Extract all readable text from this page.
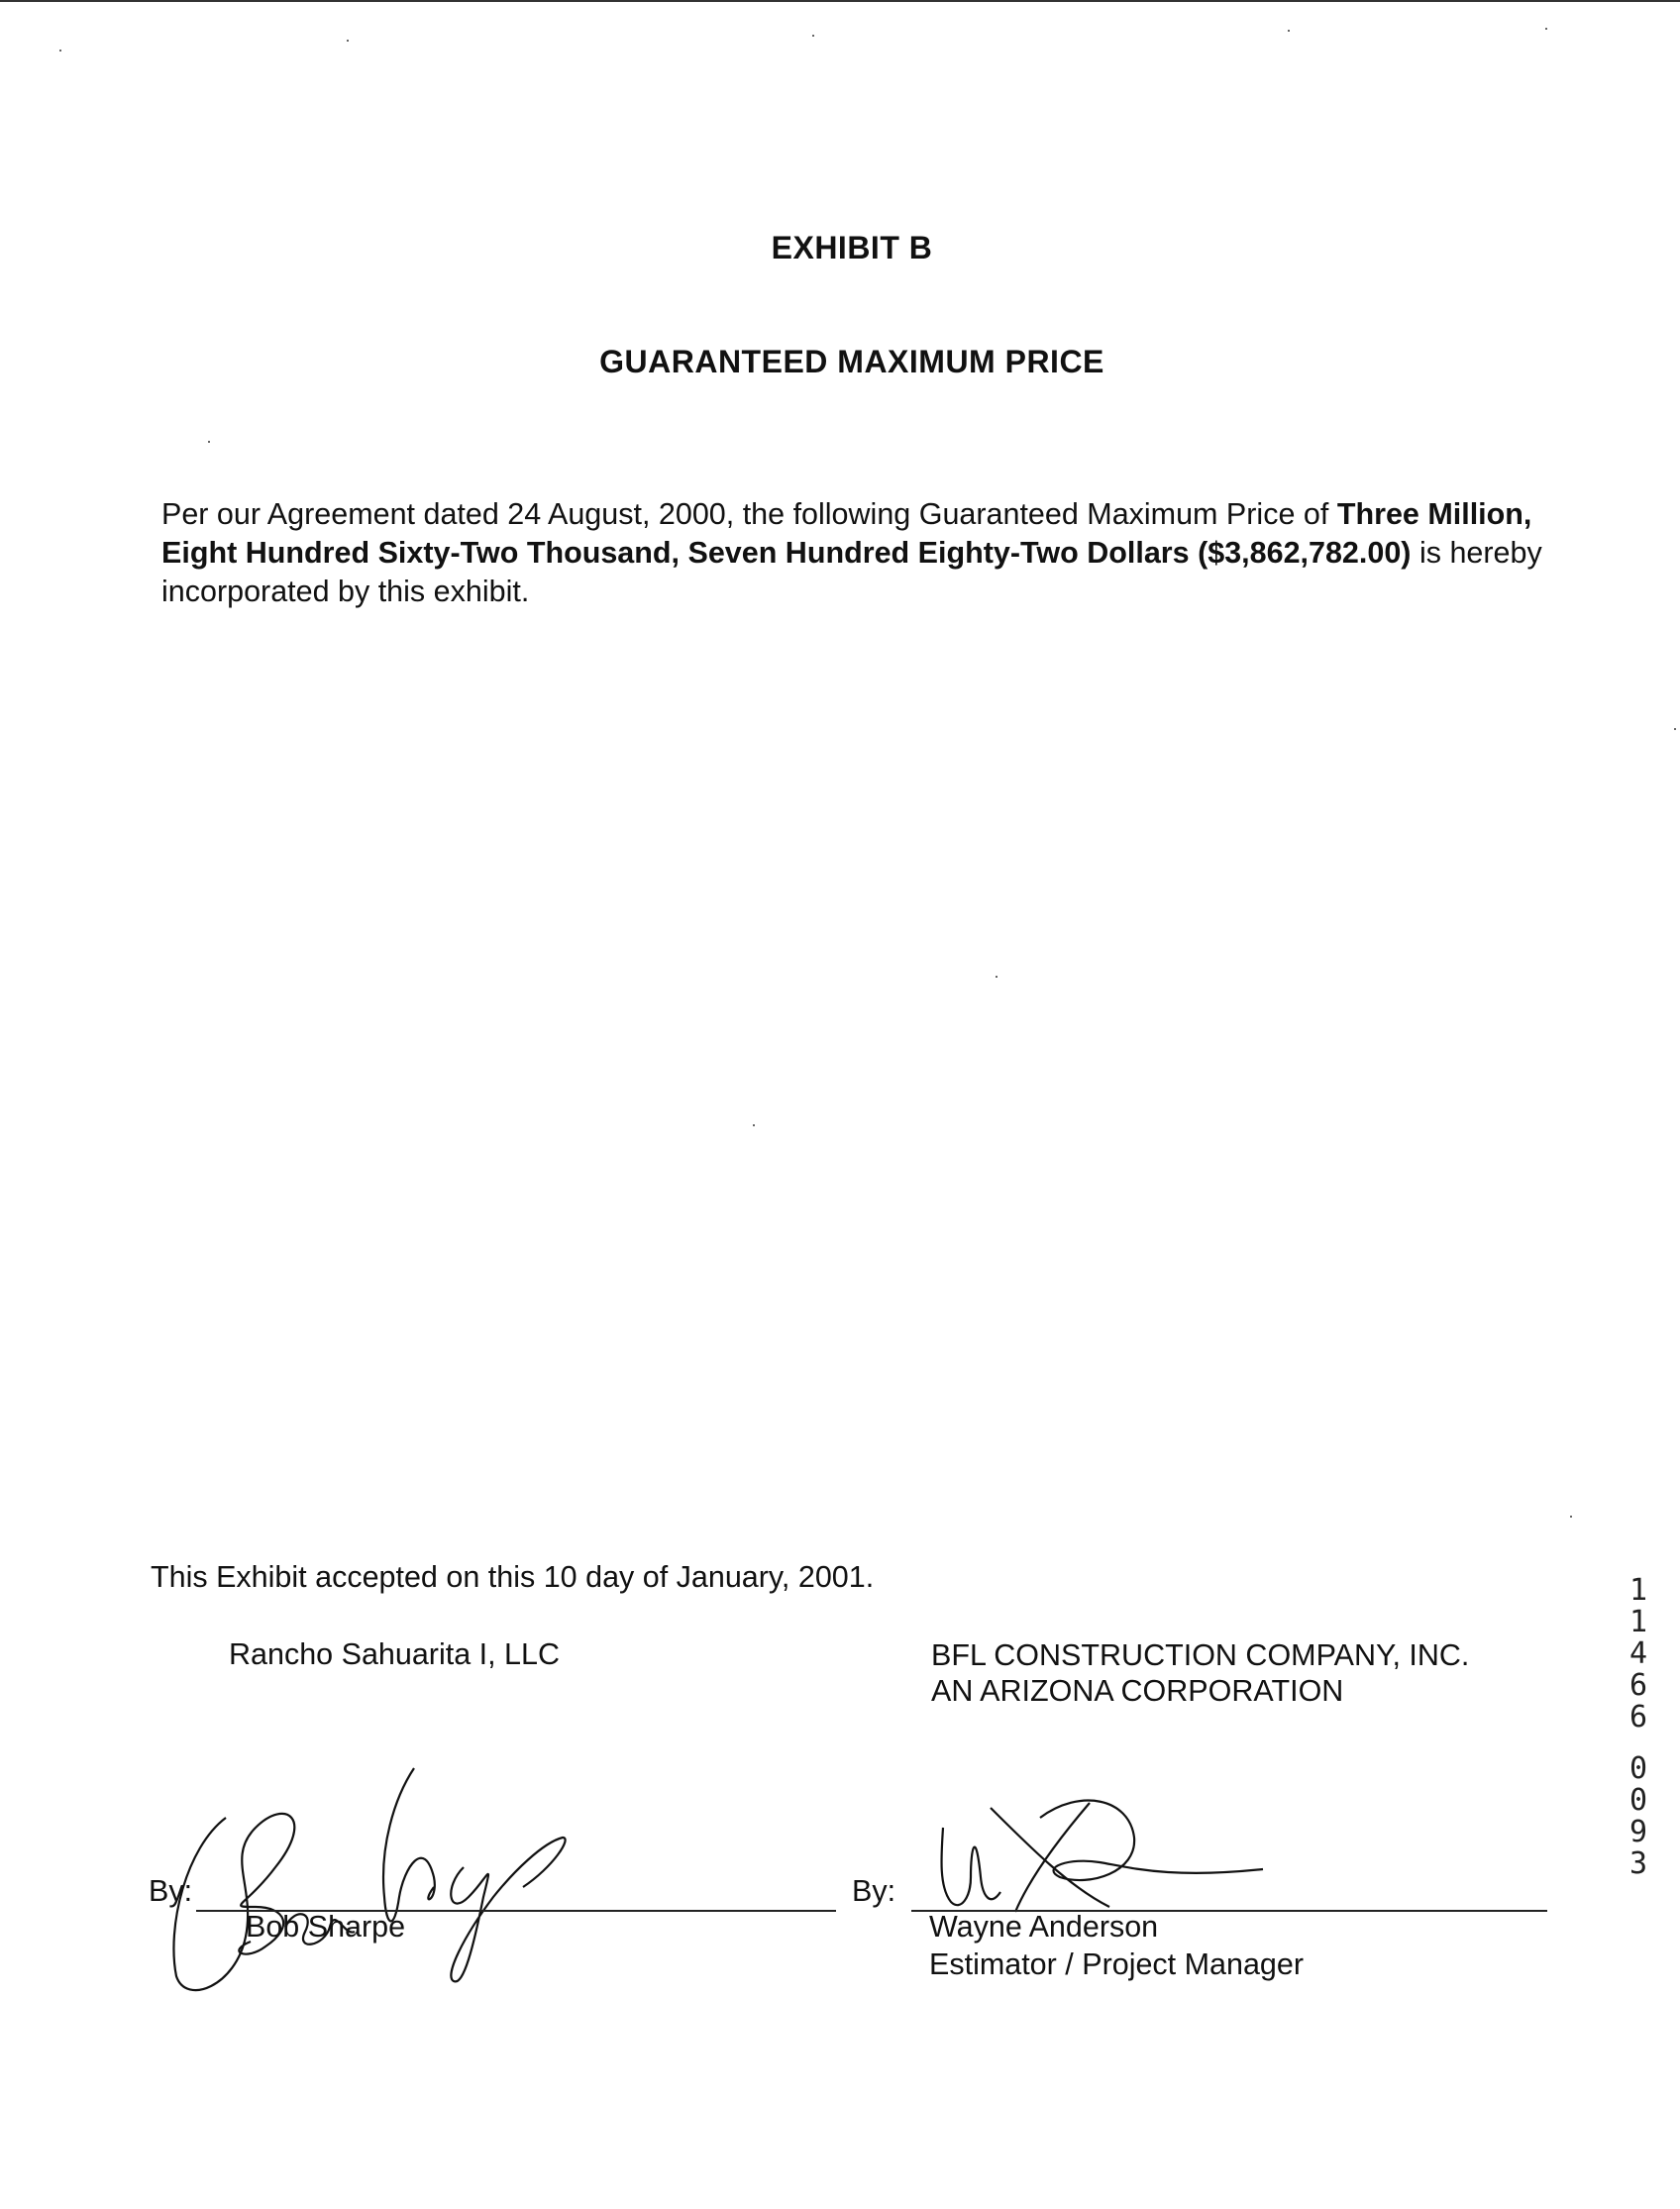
EXHIBIT B
GUARANTEED MAXIMUM PRICE
Per our Agreement dated 24 August, 2000, the following Guaranteed Maximum Price of Three Million, Eight Hundred Sixty-Two Thousand, Seven Hundred Eighty-Two Dollars ($3,862,782.00) is hereby incorporated by this exhibit.
This Exhibit accepted on this 10 day of January, 2001.
Rancho Sahuarita I, LLC	BFL CONSTRUCTION COMPANY, INC.
AN ARIZONA CORPORATION
By:
Bob Sharpe
By:
Wayne Anderson
Estimator / Project Manager
1
1
4
6
6
0
0
9
3
